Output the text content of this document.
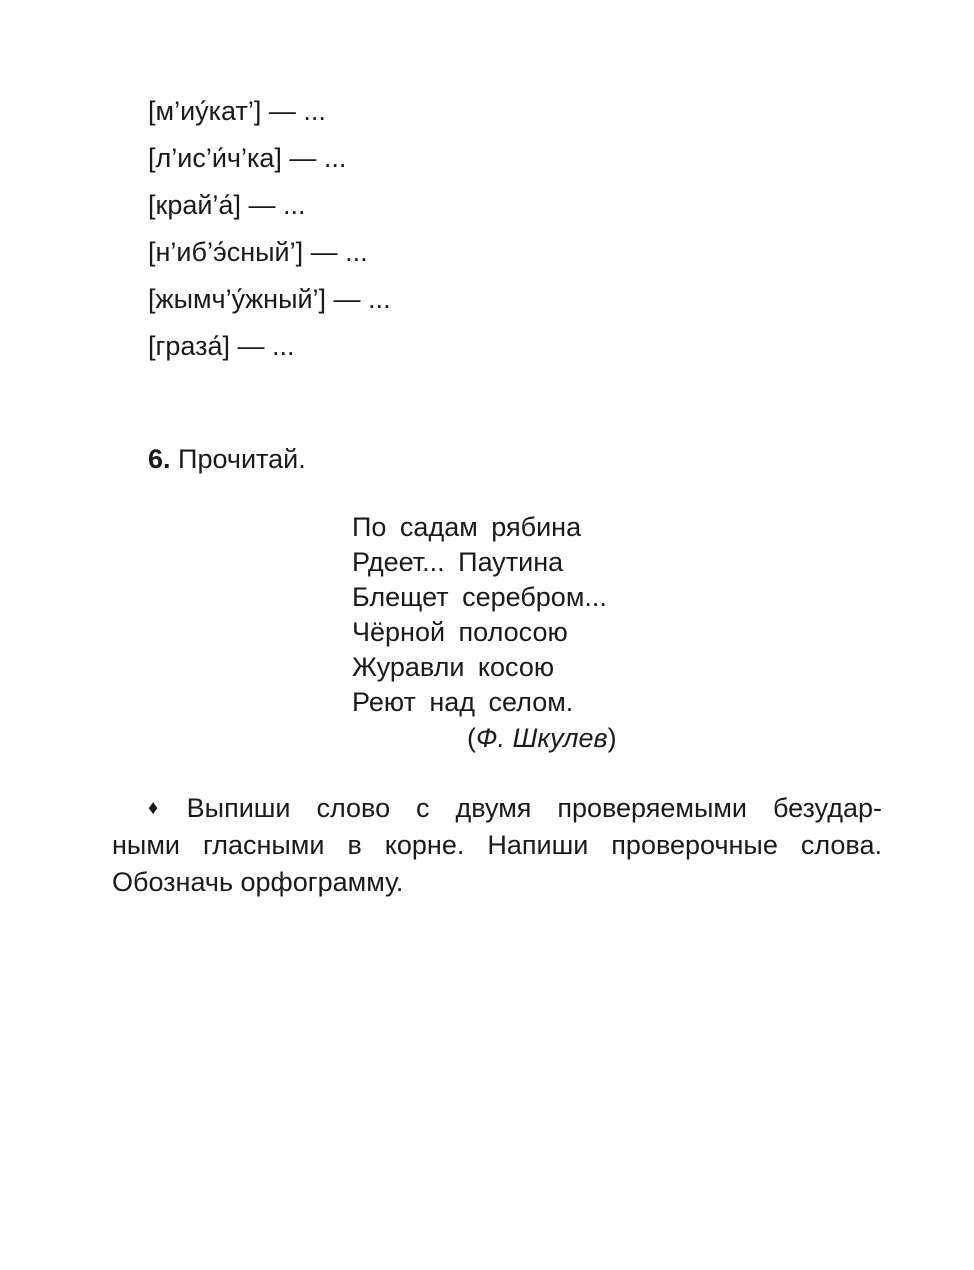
[м’иу́кат’] — ...
[л’ис’и́ч’ка] — ...
[край’а́] — ...
[н’иб’э́сный’] — ...
[жымч’у́жный’] — ...
[граза́] — ...
6. Прочитай.
По садам рябина
Рдеет... Паутина
Блещет серебром...
Чёрной полосою
Журавли косою
Реют над селом.
(Ф. Шкулев)

♦ Выпиши слово с двумя проверяемыми безудар-

ными гласными в корне. Напиши проверочные слова.

Обозначь орфограмму.
